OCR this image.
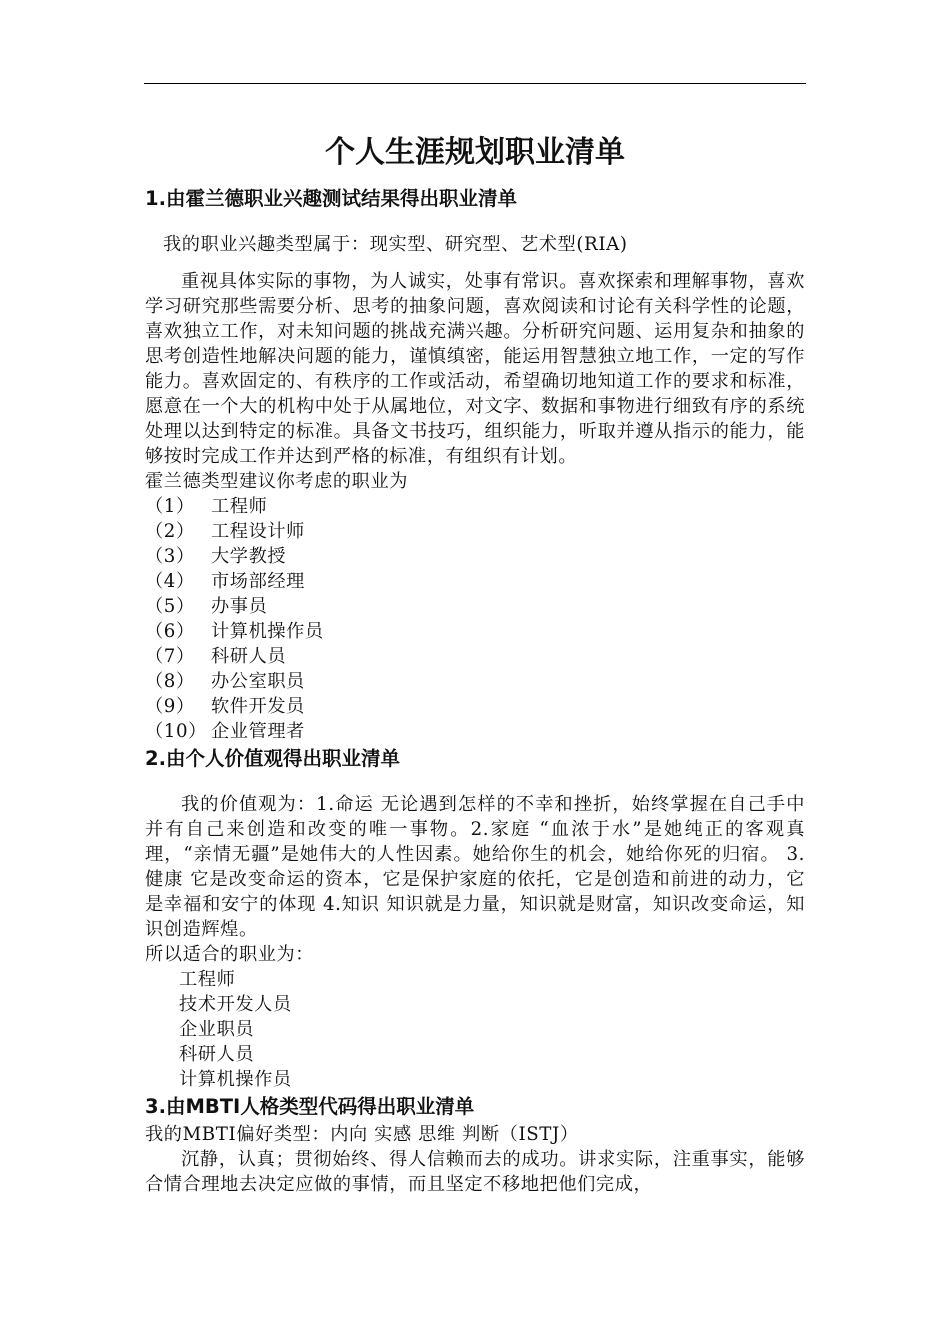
个人生涯规划职业清单
1.由霍兰德职业兴趣测试结果得出职业清单

我的职业兴趣类型属于：现实型、研究型、艺术型(RIA)

重视具体实际的事物，为人诚实，处事有常识。喜欢探索和理解事物，喜欢学习研究那些需要分析、思考的抽象问题，喜欢阅读和讨论有关科学性的论题，喜欢独立工作，对未知问题的挑战充满兴趣。分析研究问题、运用复杂和抽象的思考创造性地解决问题的能力，谨慎缜密，能运用智慧独立地工作，一定的写作能力。喜欢固定的、有秩序的工作或活动，希望确切地知道工作的要求和标准，愿意在一个大的机构中处于从属地位，对文字、数据和事物进行细致有序的系统处理以达到特定的标准。具备文书技巧，组织能力，听取并遵从指示的能力，能够按时完成工作并达到严格的标准，有组织有计划。

霍兰德类型建议你考虑的职业为

（1） 工程师
（2） 工程设计师
（3） 大学教授
（4） 市场部经理
（5） 办事员
（6） 计算机操作员
（7） 科研人员
（8） 办公室职员
（9） 软件开发员
（10） 企业管理者
2.由个人价值观得出职业清单

我的价值观为：1.命运 无论遇到怎样的不幸和挫折，始终掌握在自己手中并有自己来创造和改变的唯一事物。2.家庭 “血浓于水”是她纯正的客观真理，“亲情无疆”是她伟大的人性因素。她给你生的机会，她给你死的归宿。 3.健康 它是改变命运的资本，它是保护家庭的依托，它是创造和前进的动力，它是幸福和安宁的体现 4.知识 知识就是力量，知识就是财富，知识改变命运，知识创造辉煌。

所以适合的职业为：

工程师
技术开发人员
企业职员
科研人员
计算机操作员
3.由MBTI人格类型代码得出职业清单

我的MBTI偏好类型：内向 实感 思维 判断（ISTJ）

沉静，认真；贯彻始终、得人信赖而去的成功。讲求实际，注重事实，能够合情合理地去决定应做的事情，而且坚定不移地把他们完成，
